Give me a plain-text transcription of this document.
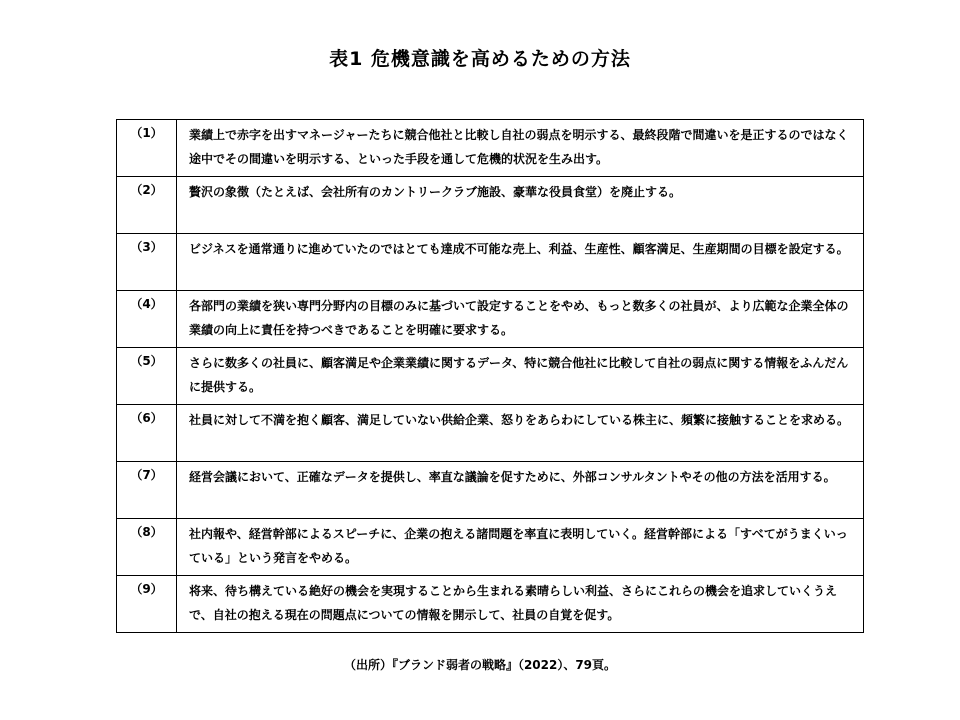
表1 危機意識を高めるための方法
（1）	業績上で赤字を出すマネージャーたちに競合他社と比較し自社の弱点を明示する、最終段階で間違いを是正するのではなく途中でその間違いを明示する、といった手段を通して危機的状況を生み出す。
（2）	贅沢の象徴（たとえば、会社所有のカントリークラブ施設、豪華な役員食堂）を廃止する。
（3）	ビジネスを通常通りに進めていたのではとても達成不可能な売上、利益、生産性、顧客満足、生産期間の目標を設定する。
（4）	各部門の業績を狭い専門分野内の目標のみに基づいて設定することをやめ、もっと数多くの社員が、より広範な企業全体の業績の向上に責任を持つべきであることを明確に要求する。
（5）	さらに数多くの社員に、顧客満足や企業業績に関するデータ、特に競合他社に比較して自社の弱点に関する情報をふんだんに提供する。
（6）	社員に対して不満を抱く顧客、満足していない供給企業、怒りをあらわにしている株主に、頻繁に接触することを求める。
（7）	経営会議において、正確なデータを提供し、率直な議論を促すために、外部コンサルタントやその他の方法を活用する。
（8）	社内報や、経営幹部によるスピーチに、企業の抱える諸問題を率直に表明していく。経営幹部による「すべてがうまくいっている」という発言をやめる。
（9）	将来、待ち構えている絶好の機会を実現することから生まれる素晴らしい利益、さらにこれらの機会を追求していくうえで、自社の抱える現在の問題点についての情報を開示して、社員の自覚を促す。
（出所）『ブランド弱者の戦略』（2022）、79頁。
